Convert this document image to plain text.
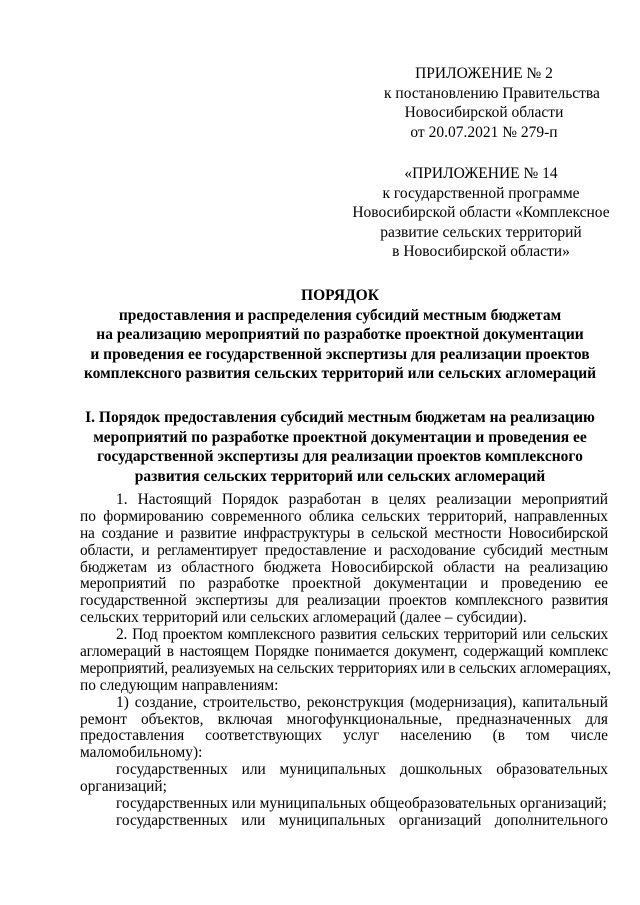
ПРИЛОЖЕНИЕ № 2
к постановлению Правительства
Новосибирской области
от 20.07.2021 № 279-п
«ПРИЛОЖЕНИЕ № 14
к государственной программе
Новосибирской области «Комплексное
развитие сельских территорий
в Новосибирской области»
ПОРЯДОК
предоставления и распределения субсидий местным бюджетам
на реализацию мероприятий по разработке проектной документации
и проведения ее государственной экспертизы для реализации проектов
комплексного развития сельских территорий или сельских агломераций
I. Порядок предоставления субсидий местным бюджетам на реализацию
мероприятий по разработке проектной документации и проведения ее
государственной экспертизы для реализации проектов комплексного
развития сельских территорий или сельских агломераций
1. Настоящий Порядок разработан в целях реализации мероприятий
по формированию современного облика сельских территорий, направленных
на создание и развитие инфраструктуры в сельской местности Новосибирской
области, и регламентирует предоставление и расходование субсидий местным
бюджетам из областного бюджета Новосибирской области на реализацию
мероприятий по разработке проектной документации и проведению ее
государственной экспертизы для реализации проектов комплексного развития
сельских территорий или сельских агломераций (далее – субсидии).
2. Под проектом комплексного развития сельских территорий или сельских
агломераций в настоящем Порядке понимается документ, содержащий комплекс
мероприятий, реализуемых на сельских территориях или в сельских агломерациях,
по следующим направлениям:
1) создание, строительство, реконструкция (модернизация), капитальный
ремонт объектов, включая многофункциональные, предназначенных для
предоставления соответствующих услуг населению (в том числе
маломобильному):
государственных или муниципальных дошкольных образовательных
организаций;
государственных или муниципальных общеобразовательных организаций;
государственных или муниципальных организаций дополнительного
